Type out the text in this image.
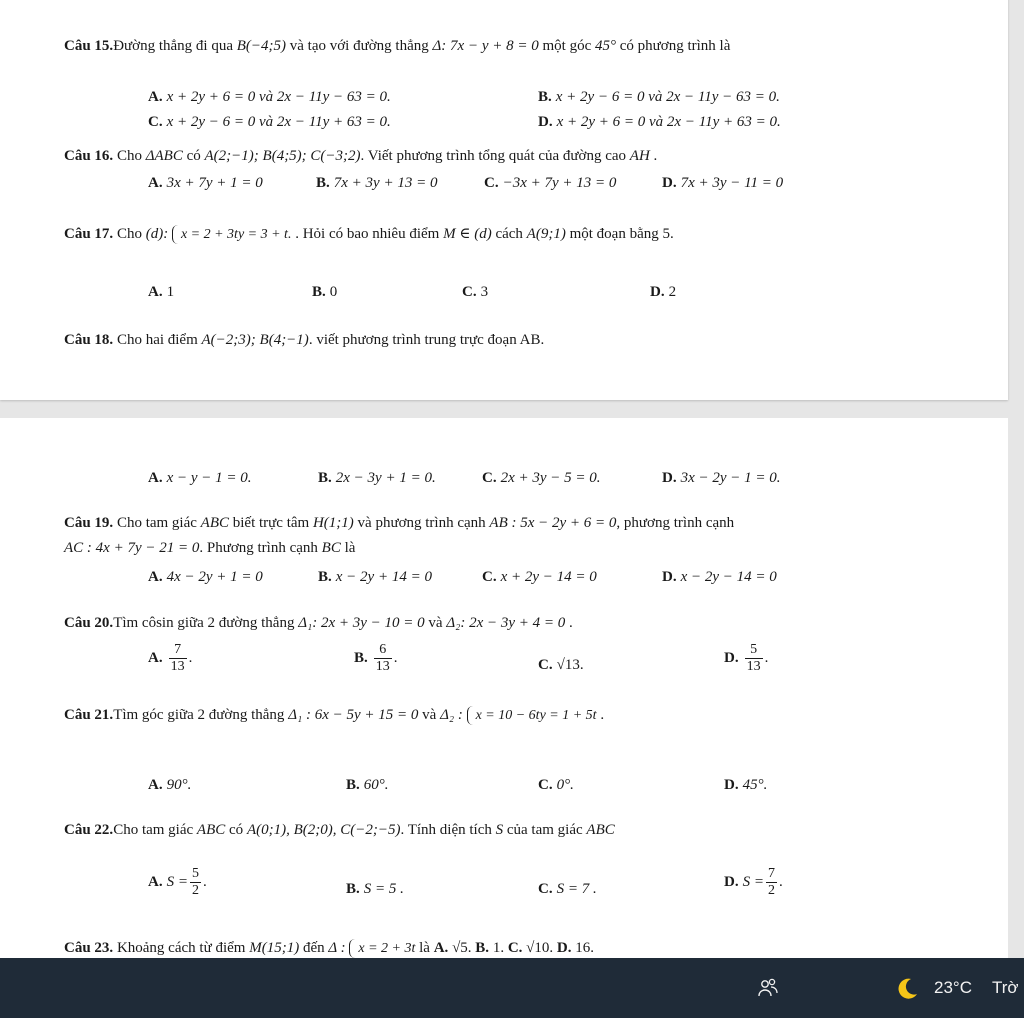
Câu 15.Đường thẳng đi qua B(−4;5) và tạo với đường thẳng Δ: 7x − y + 8 = 0 một góc 45° có phương trình là
A. x + 2y + 6 = 0 và 2x − 11y − 63 = 0.	B. x + 2y − 6 = 0 và 2x − 11y − 63 = 0.
C. x + 2y − 6 = 0 và 2x − 11y + 63 = 0.	D. x + 2y + 6 = 0 và 2x − 11y + 63 = 0.
Câu 16. Cho ΔABC có A(2;−1); B(4;5); C(−3;2). Viết phương trình tổng quát của đường cao AH .
A. 3x + 7y + 1 = 0	B. 7x + 3y + 13 = 0	C. −3x + 7y + 13 = 0	D. 7x + 3y − 11 = 0
Câu 17. Cho (d): x = 2 + 3ty = 3 + t. . Hỏi có bao nhiêu điểm M ∈ (d) cách A(9;1) một đoạn bằng 5.
A. 1	B. 0	C. 3	D. 2
Câu 18. Cho hai điểm A(−2;3); B(4;−1). viết phương trình trung trực đoạn AB.
A. x − y − 1 = 0.	B. 2x − 3y + 1 = 0.	C. 2x + 3y − 5 = 0.	D. 3x − 2y − 1 = 0.
Câu 19. Cho tam giác ABC biết trực tâm H(1;1) và phương trình cạnh AB : 5x − 2y + 6 = 0, phương trình cạnh
AC : 4x + 7y − 21 = 0. Phương trình cạnh BC là
A. 4x − 2y + 1 = 0	B. x − 2y + 14 = 0	C. x + 2y − 14 = 0	D. x − 2y − 14 = 0
Câu 20.Tìm côsin giữa 2 đường thẳng Δ₁: 2x + 3y − 10 = 0 và Δ₂: 2x − 3y + 4 = 0 .
A. $\frac{7}{13}$ .	B. $\frac{6}{13}$ .	C. √13.	D. $\frac{5}{13}$ .
Câu 21.Tìm góc giữa 2 đường thẳng Δ₁ : 6x − 5y + 15 = 0 và Δ₂ : x = 10 − 6ty = 1 + 5t .
A. 90°.	B. 60°.	C. 0°.	D. 45°.
Câu 22.Cho tam giác ABC có A(0;1), B(2;0), C(−2;−5). Tính diện tích S của tam giác ABC
A. $S = \frac{5}{2}$ .	B. S = 5 .	C. S = 7 .	D. $S = \frac{7}{2}$ .
Câu 23. Khoảng cách từ điểm M(15;1) đến Δ : x = 2 + 3t là A. √5. B. 1. C. √10. D. 16.
23°C Trờ
